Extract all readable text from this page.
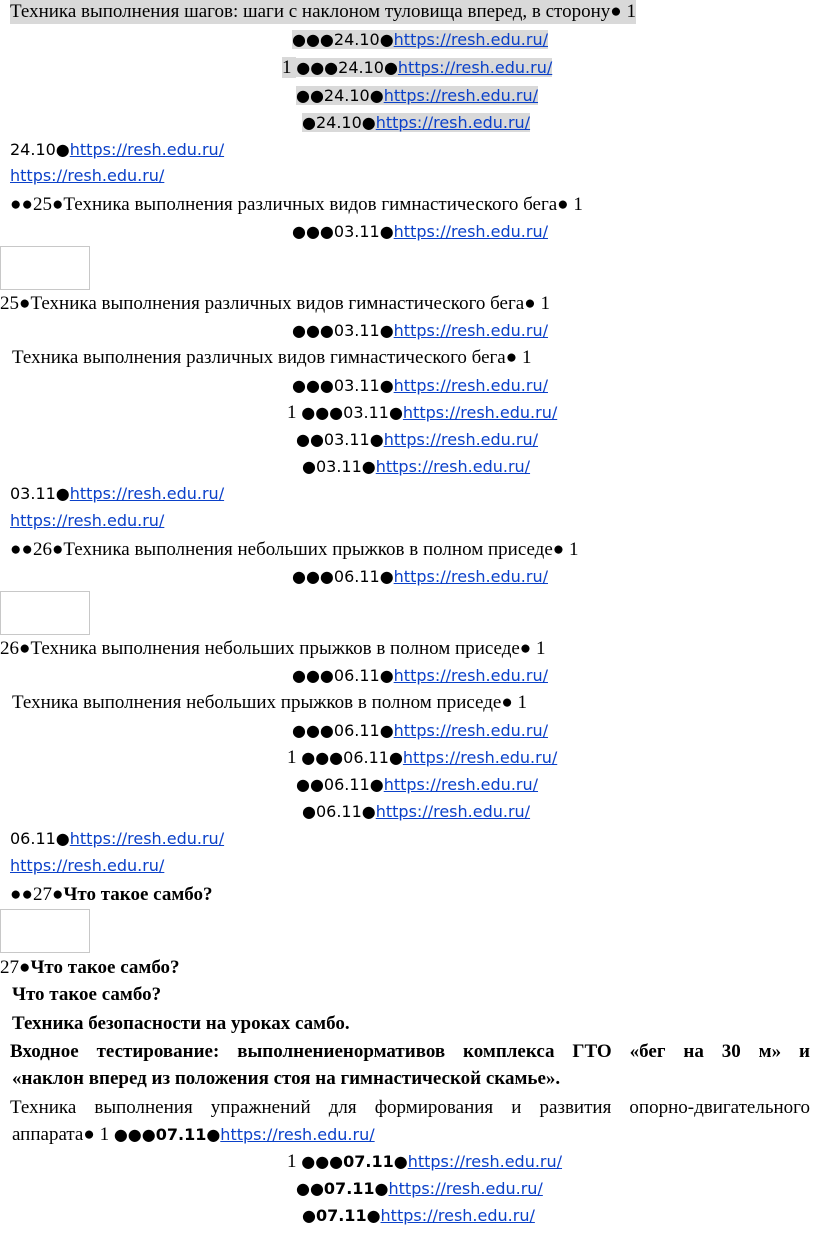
Техника выполнения шагов: шаги с наклоном туловища вперед, в сторону● 1
●●●24.10●https://resh.edu.ru/
1 ●●●24.10●https://resh.edu.ru/
●●24.10●https://resh.edu.ru/
●24.10●https://resh.edu.ru/
24.10●https://resh.edu.ru/
https://resh.edu.ru/
●●25●Техника выполнения различных видов гимнастического бега● 1
●●●03.11●https://resh.edu.ru/
25●Техника выполнения различных видов гимнастического бега● 1
●●●03.11●https://resh.edu.ru/
Техника выполнения различных видов гимнастического бега● 1
●●●03.11●https://resh.edu.ru/
1 ●●●03.11●https://resh.edu.ru/
●●03.11●https://resh.edu.ru/
●03.11●https://resh.edu.ru/
03.11●https://resh.edu.ru/
https://resh.edu.ru/
●●26●Техника выполнения небольших прыжков в полном приседе● 1
●●●06.11●https://resh.edu.ru/
26●Техника выполнения небольших прыжков в полном приседе● 1
●●●06.11●https://resh.edu.ru/
Техника выполнения небольших прыжков в полном приседе● 1
●●●06.11●https://resh.edu.ru/
1 ●●●06.11●https://resh.edu.ru/
●●06.11●https://resh.edu.ru/
●06.11●https://resh.edu.ru/
06.11●https://resh.edu.ru/
https://resh.edu.ru/
●●27●Что такое самбо?
27●Что такое самбо?
Что такое самбо?
Техника безопасности на уроках самбо.
Входное тестирование: выполнениенормативов комплекса ГТО «бег на 30 м» и
«наклон вперед из положения стоя на гимнастической скамье».
Техника выполнения упражнений для формирования и развития опорно-двигательного
аппарата● 1 ●●●07.11●https://resh.edu.ru/
1 ●●●07.11●https://resh.edu.ru/
●●07.11●https://resh.edu.ru/
●07.11●https://resh.edu.ru/
